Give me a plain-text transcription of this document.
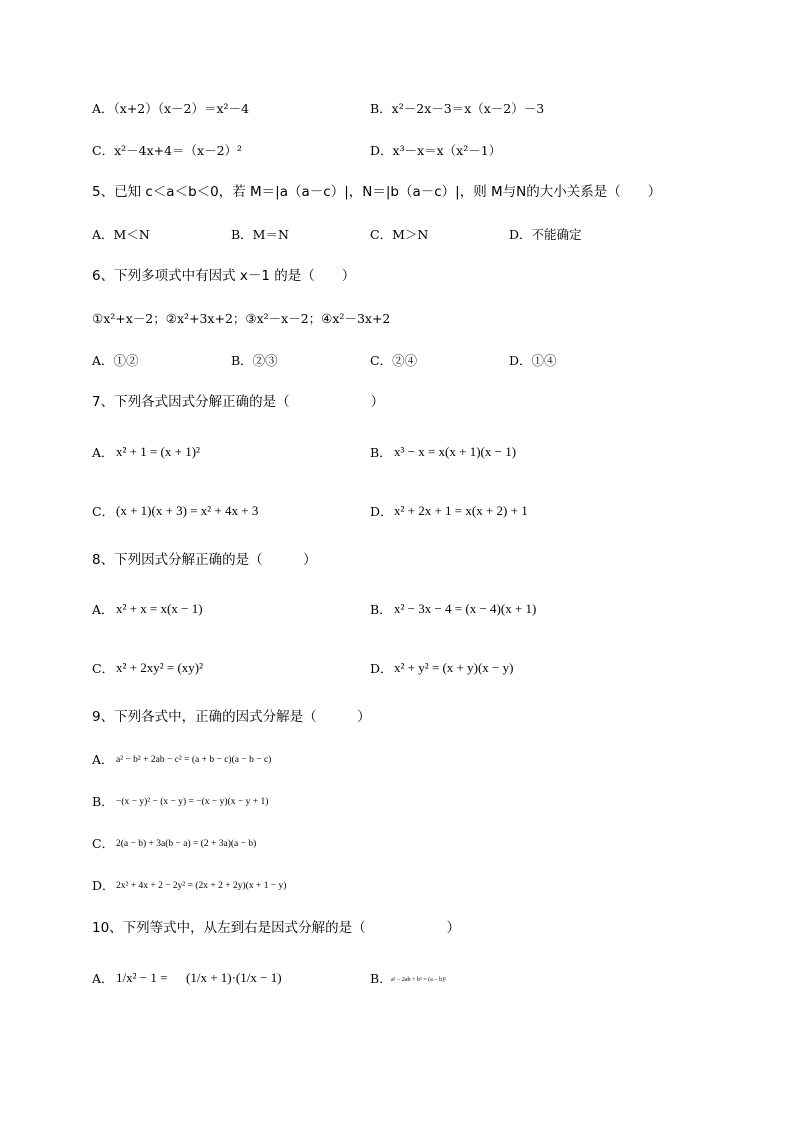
A．（x+2）（x－2）＝x²－4	B．x²－2x－3＝x（x－2）－3
C．x²－4x+4＝（x－2）²	D．x³－x＝x（x²－1）
5、已知 c＜a＜b＜0，若 M＝|a（a－c）|，N＝|b（a－c）|，则 M与N的大小关系是（　　）
A．M＜N	B．M＝N	C．M＞N	D．不能确定
6、下列多项式中有因式 x－1 的是（　　）
①x²+x－2；②x²+3x+2；③x²－x－2；④x²－3x+2
A．①②	B．②③	C．②④	D．①④
7、下列各式因式分解正确的是（　　　　　　）
A． x² + 1 = (x + 1)²	B． x³ − x = x(x + 1)(x − 1)
C． (x + 1)(x + 3) = x² + 4x + 3	D． x² + 2x + 1 = x(x + 2) + 1
8、下列因式分解正确的是（　　　）
A． x² + x = x(x − 1)	B． x² − 3x − 4 = (x − 4)(x + 1)
C． x² + 2xy² = (xy)²	D． x² + y² = (x + y)(x − y)
9、下列各式中，正确的因式分解是（　　　）
A． a² − b² + 2ab − c² = (a + b − c)(a − b − c)
B． −(x − y)² − (x − y) = −(x − y)(x − y + 1)
C． 2(a − b) + 3a(b − a) = (2 + 3a)(a − b)
D． 2x² + 4x + 2 − 2y² = (2x + 2 + 2y)(x + 1 − y)
10、下列等式中，从左到右是因式分解的是（　　　　　　）
A． 1/x² − 1 = (1/x + 1)·(1/x − 1)	B． a² − 2ab + b² = (a − b)²
